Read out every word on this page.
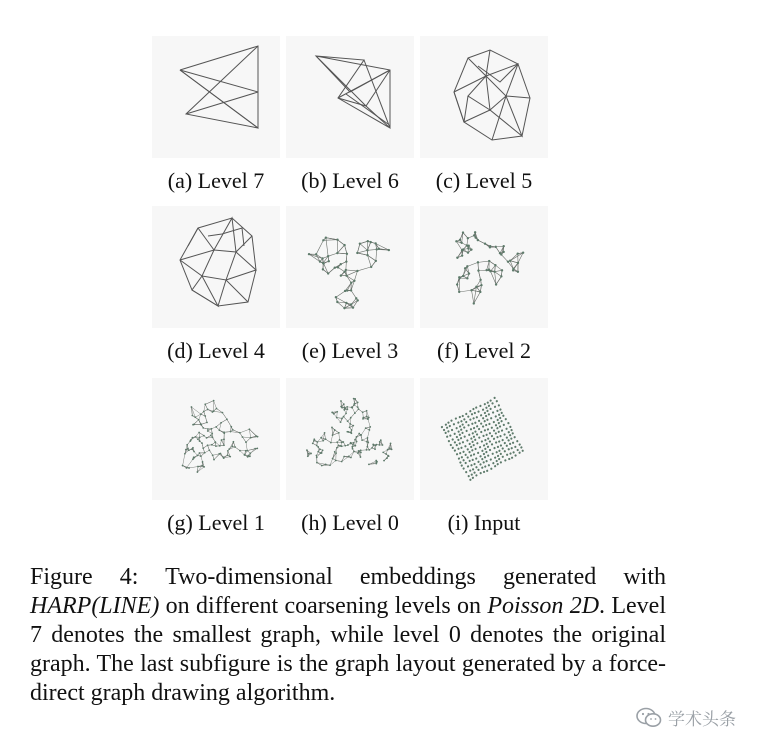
(a) Level 7	(b) Level 6	(c) Level 5
(d) Level 4	(e) Level 3	(f) Level 2
(g) Level 1	(h) Level 0	(i) Input
Figure 4: Two-dimensional embeddings generated with HARP(LINE) on different coarsening levels on Poisson 2D. Level 7 denotes the smallest graph, while level 0 denotes the original graph. The last subfigure is the graph layout generated by a force-direct graph drawing algorithm.
学术头条
